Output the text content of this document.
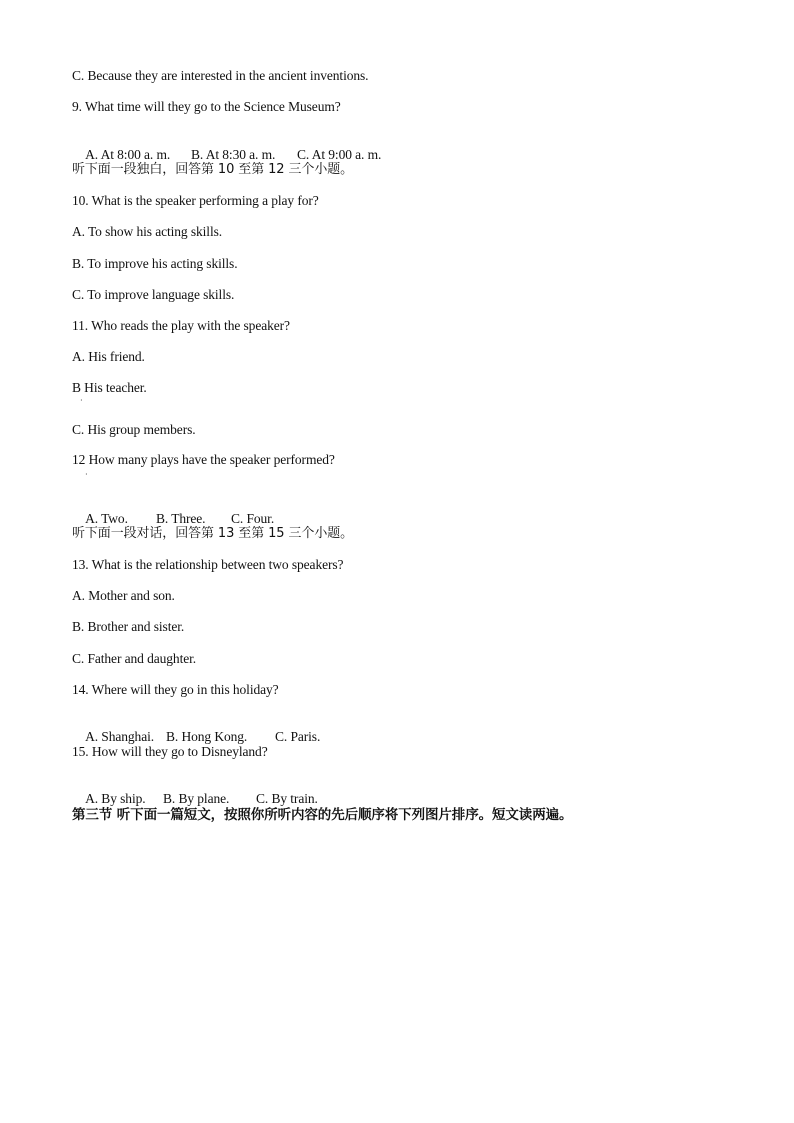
C. Because they are interested in the ancient inventions.
9. What time will they go to the Science Museum?

A. At 8:00 a. m. B. At 8:30 a. m. C. At 9:00 a. m.

听下面一段独白，回答第 10 至第 12 三个小题。
10. What is the speaker performing a play for?
A. To show his acting skills.
B. To improve his acting skills.
C. To improve language skills.
11. Who reads the play with the speaker?
A. His friend.
B His teacher.
·
C. His group members.
12 How many plays have the speaker performed?
·

A. Two. B. Three. C. Four.

听下面一段对话，回答第 13 至第 15 三个小题。
13. What is the relationship between two speakers?
A. Mother and son.
B. Brother and sister.
C. Father and daughter.
14. Where will they go in this holiday?

A. Shanghai. B. Hong Kong. C. Paris.

15. How will they go to Disneyland?

A. By ship. B. By plane. C. By train.

第三节 听下面一篇短文，按照你所听内容的先后顺序将下列图片排序。短文读两遍。
